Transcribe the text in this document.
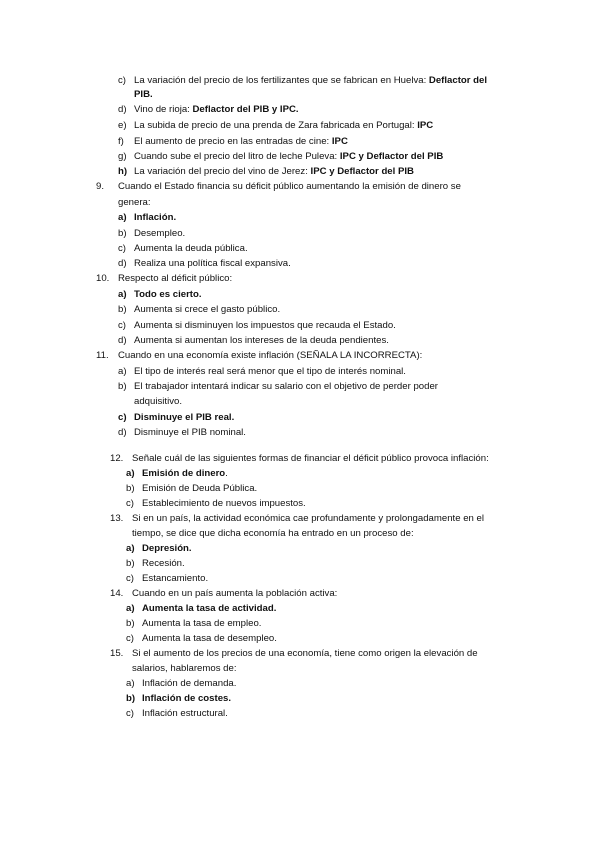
c) La variación del precio de los fertilizantes que se fabrican en Huelva: Deflactor del
PIB.
d) Vino de rioja: Deflactor del PIB y IPC.
e) La subida de precio de una prenda de Zara fabricada en Portugal: IPC
f) El aumento de precio en las entradas de cine: IPC
g) Cuando sube el precio del litro de leche Puleva: IPC y Deflactor del PIB
h) La variación del precio del vino de Jerez: IPC y Deflactor del PIB
9. Cuando el Estado financia su déficit público aumentando la emisión de dinero se
genera:
a) Inflación.
b) Desempleo.
c) Aumenta la deuda pública.
d) Realiza una política fiscal expansiva.
10. Respecto al déficit público:
a) Todo es cierto.
b) Aumenta si crece el gasto público.
c) Aumenta si disminuyen los impuestos que recauda el Estado.
d) Aumenta si aumentan los intereses de la deuda pendientes.
11. Cuando en una economía existe inflación (SEÑALA LA INCORRECTA):
a) El tipo de interés real será menor que el tipo de interés nominal.
b) El trabajador intentará indicar su salario con el objetivo de perder poder
adquisitivo.
c) Disminuye el PIB real.
d) Disminuye el PIB nominal.
12. Señale cuál de las siguientes formas de financiar el déficit público provoca inflación:
a) Emisión de dinero.
b) Emisión de Deuda Pública.
c) Establecimiento de nuevos impuestos.
13. Si en un país, la actividad económica cae profundamente y prolongadamente en el
tiempo, se dice que dicha economía ha entrado en un proceso de:
a) Depresión.
b) Recesión.
c) Estancamiento.
14. Cuando en un país aumenta la población activa:
a) Aumenta la tasa de actividad.
b) Aumenta la tasa de empleo.
c) Aumenta la tasa de desempleo.
15. Si el aumento de los precios de una economía, tiene como origen la elevación de
salarios, hablaremos de:
a) Inflación de demanda.
b) Inflación de costes.
c) Inflación estructural.
